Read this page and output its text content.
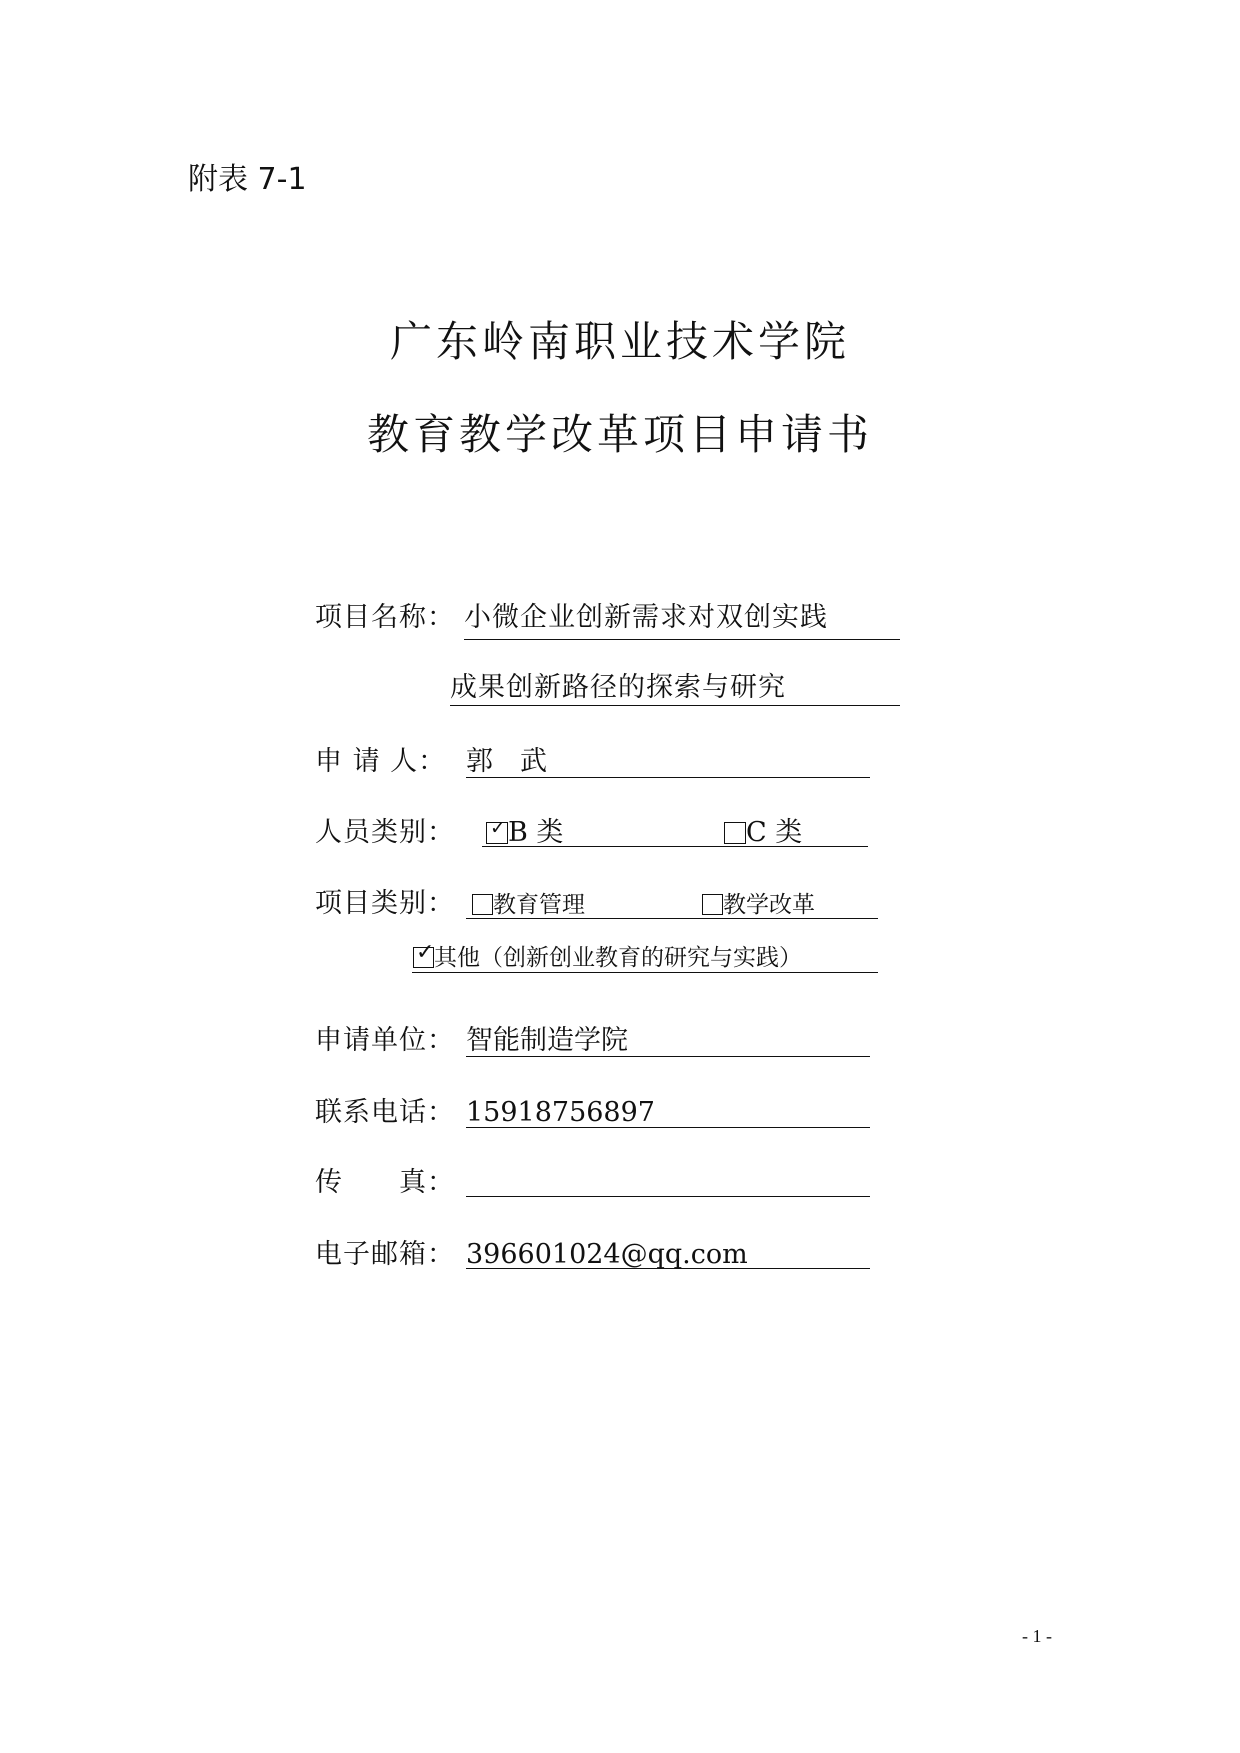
附表 7-1
广东岭南职业技术学院
教育教学改革项目申请书
项目名称： 小微企业创新需求对双创实践
成果创新路径的探索与研究
申 请 人： 郭　武
人员类别： ✓ B 类	C 类
项目类别：	教育管理	教学改革
✓ 其他（创新创业教育的研究与实践）
申请单位： 智能制造学院
联系电话： 15918756897
传　　真：
电子邮箱： 396601024@qq.com
- 1 -
